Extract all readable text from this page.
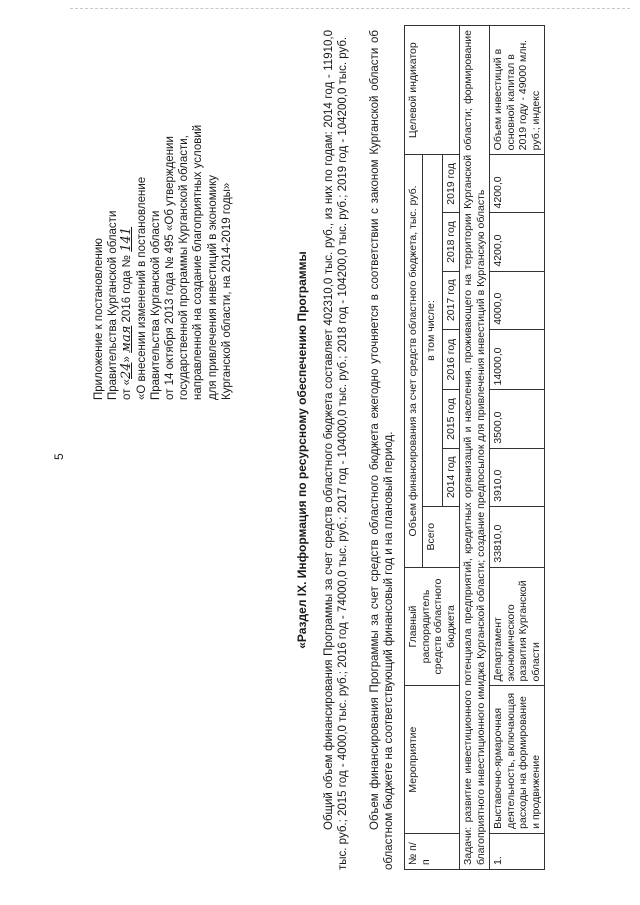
5
Приложение к постановлению Правительства Курганской области от «24» мая 2016 года № 141 «О внесении изменений в постановление Правительства Курганской области от 14 октября 2013 года № 495 «Об утверждении государственной программы Курганской области, направленной на создание благоприятных условий для привлечения инвестиций в экономику Курганской области, на 2014-2019 годы»	«Раздел IX. Информация по ресурсному обеспечению Программы Общий объем финансирования Программы за счет средств областного бюджета составляет 402310,0 тыс. руб., из них по годам: 2014 год - 11910,0 тыс. руб.; 2015 год - 4000,0 тыс. руб.; 2016 год - 74000,0 тыс. руб.; 2017 год - 104000,0 тыс. руб.; 2018 год - 104200,0 тыс. руб.; 2019 год - 104200,0 тыс. руб. Объем финансирования Программы за счет средств областного бюджета ежегодно уточняется в соответствии с законом Курганской области об областном бюджете на соответствующий финансовый год и на плановый период. № п/п	Мероприятие	Главный распорядитель средств областного бюджета	Объем финансирования за счет средств областного бюджета, тыс. руб.							Целевой индикатор
			Всего	в том числе:						
				2014 год	2015 год	2016 год	2017 год	2018 год	2019 год	
Задачи: развитие инвестиционного потенциала предприятий, кредитных организаций и населения, проживающего на территории Курганской области; формирование благоприятного инвестиционного имиджа Курганской области; создание предпосылок для привлечения инвестиций в Курганскую область										
1.	Выставочно-ярмарочная деятельность, включающая расходы на формирование и продвижение	Департамент экономического развития Курганской области	33810,0	3910,0	3500,0	14000,0	4000,0	4200,0	4200,0	Объем инвестиций в основной капитал в 2019 году - 49000 млн. руб.; индекс
